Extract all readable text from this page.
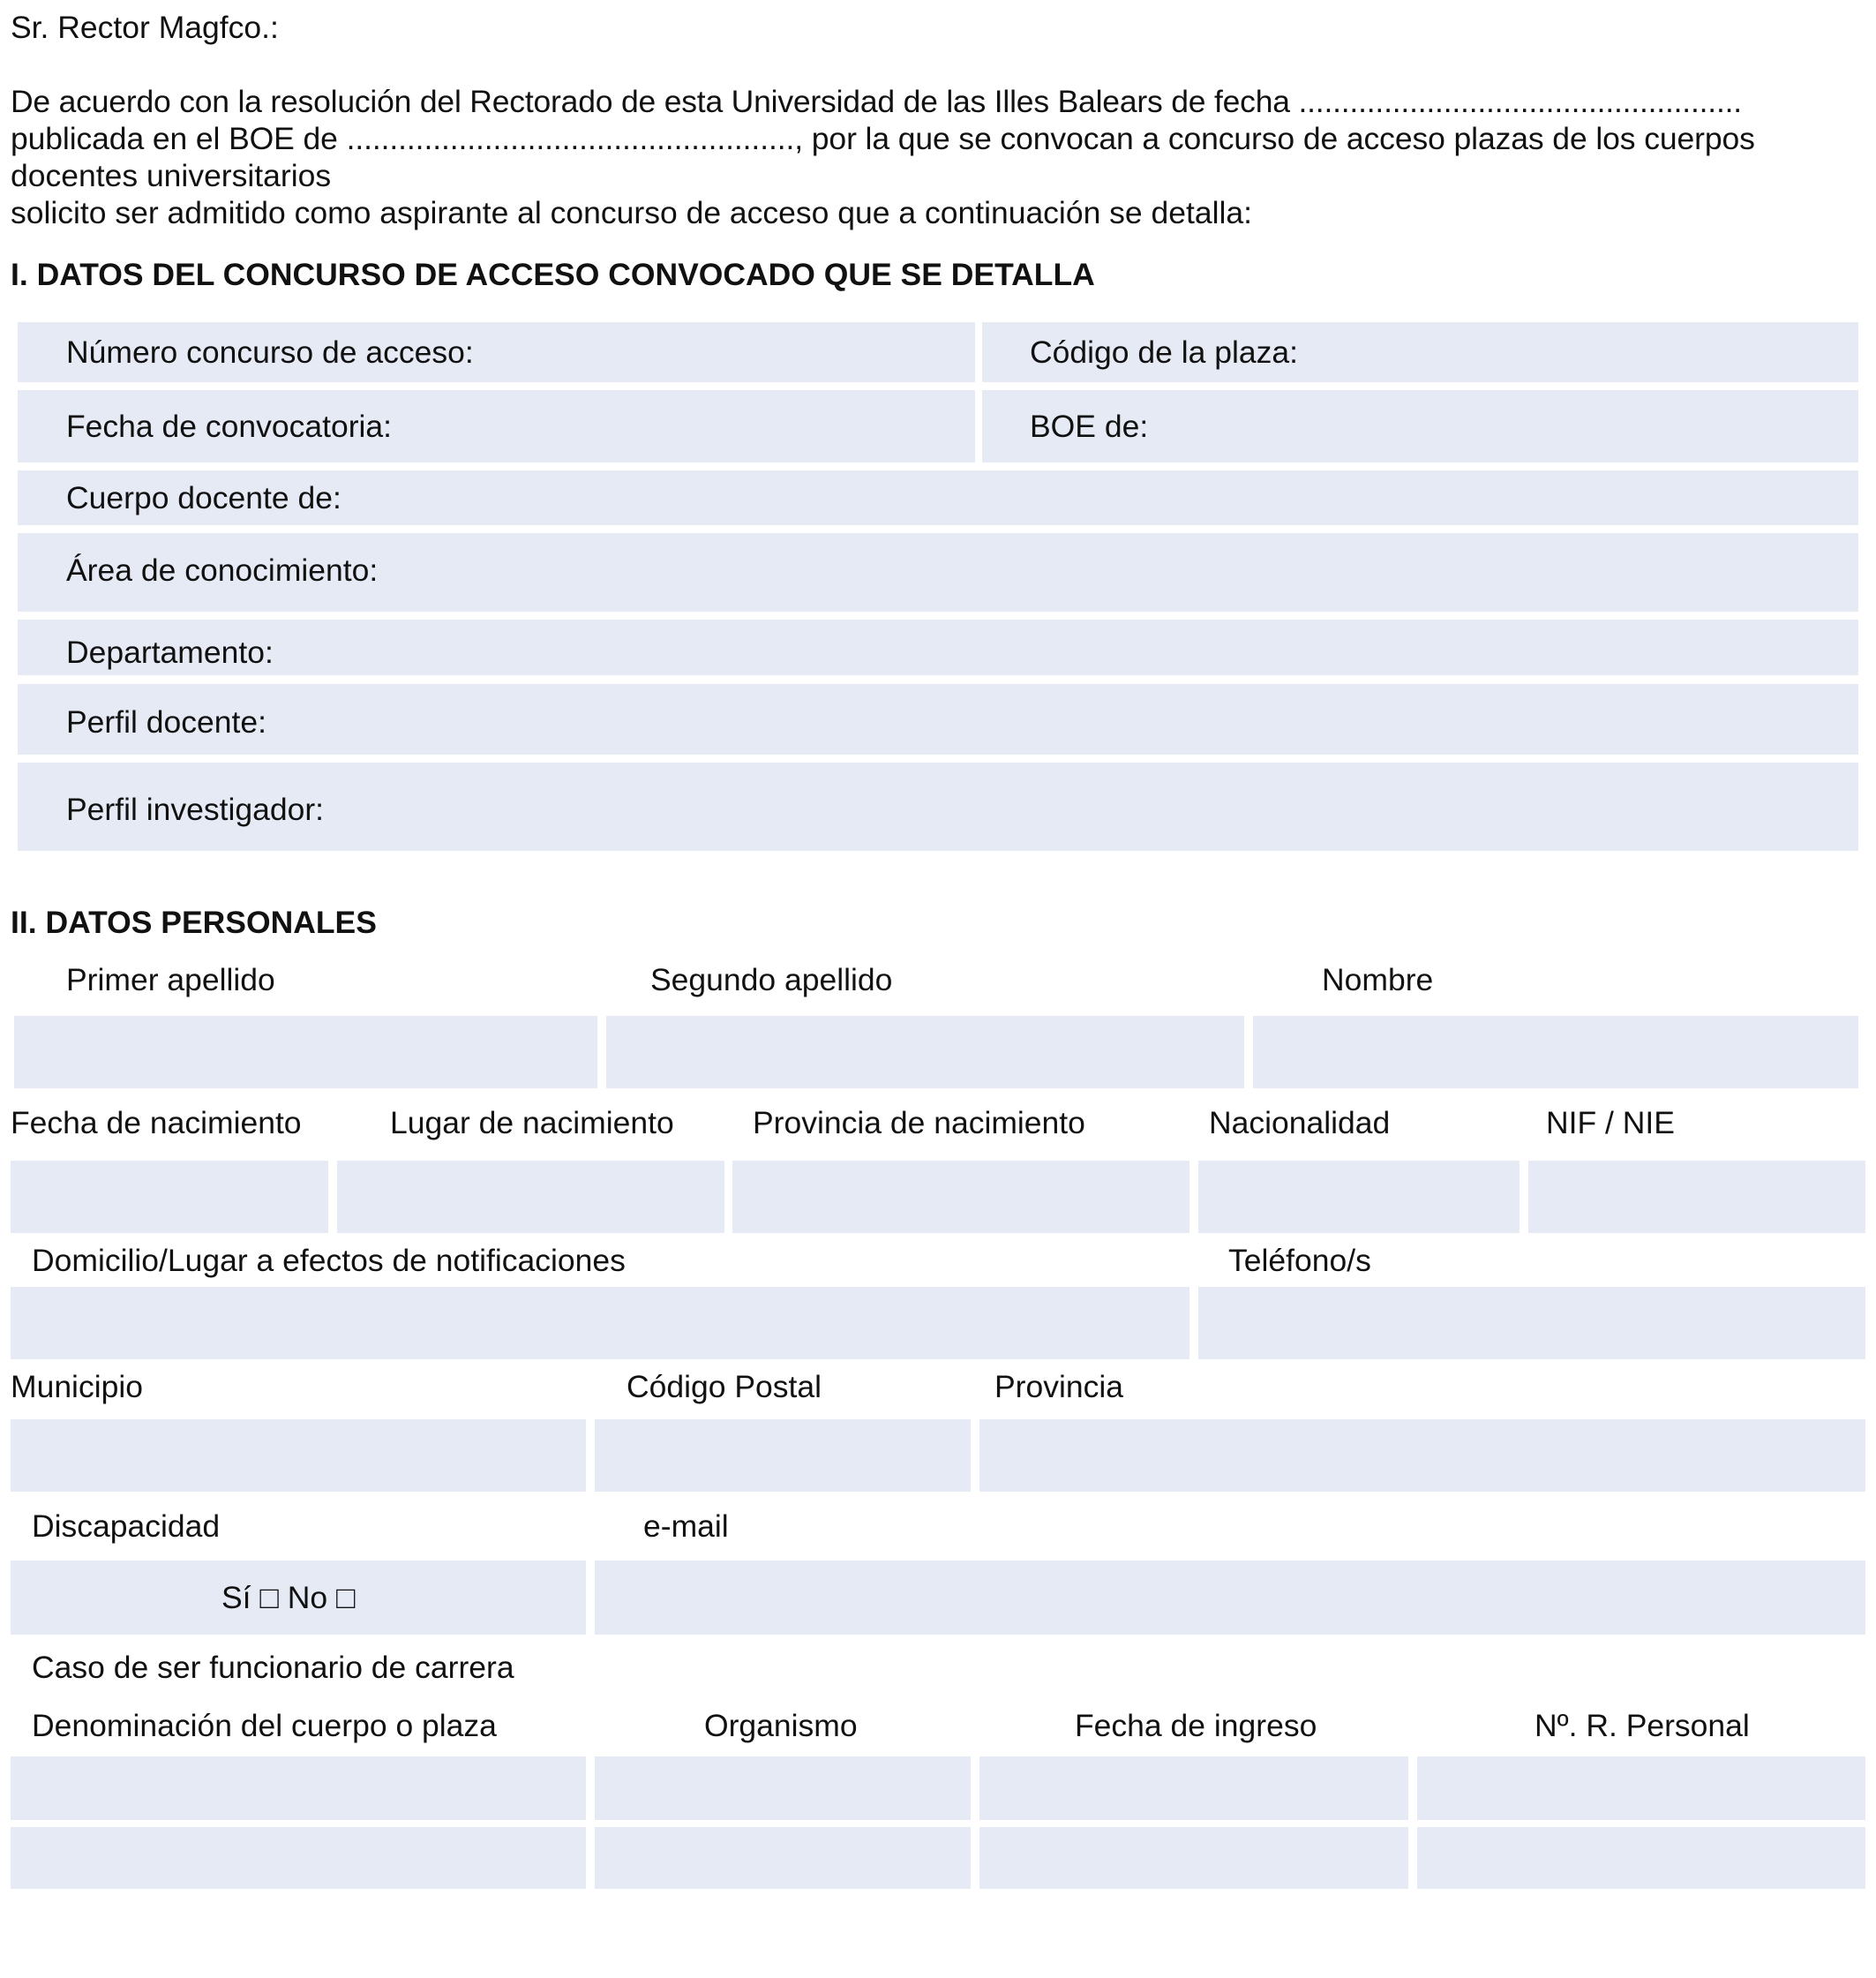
Sr. Rector Magfco.:
De acuerdo con la resolución del Rectorado de esta Universidad de las Illes Balears de fecha ....................................................
publicada en el BOE de ...................................................., por la que se convocan a concurso de acceso plazas de los cuerpos
docentes universitarios
solicito ser admitido como aspirante al concurso de acceso que a continuación se detalla:
I. DATOS DEL CONCURSO DE ACCESO CONVOCADO QUE SE DETALLA
Número concurso de acceso:	Código de la plaza:
Fecha de convocatoria:	BOE de:
Cuerpo docente de:
Área de conocimiento:
Departamento:
Perfil docente:
Perfil investigador:
II. DATOS PERSONALES
Primer apellido	Segundo apellido	Nombre
Fecha de nacimiento	Lugar de nacimiento	Provincia de nacimiento	Nacionalidad	NIF / NIE
Domicilio/Lugar a efectos de notificaciones	Teléfono/s
Municipio	Código Postal	Provincia
Discapacidad	e-mail
Sí □ No □
Caso de ser funcionario de carrera
Denominación del cuerpo o plaza	Organismo	Fecha de ingreso	Nº. R. Personal
